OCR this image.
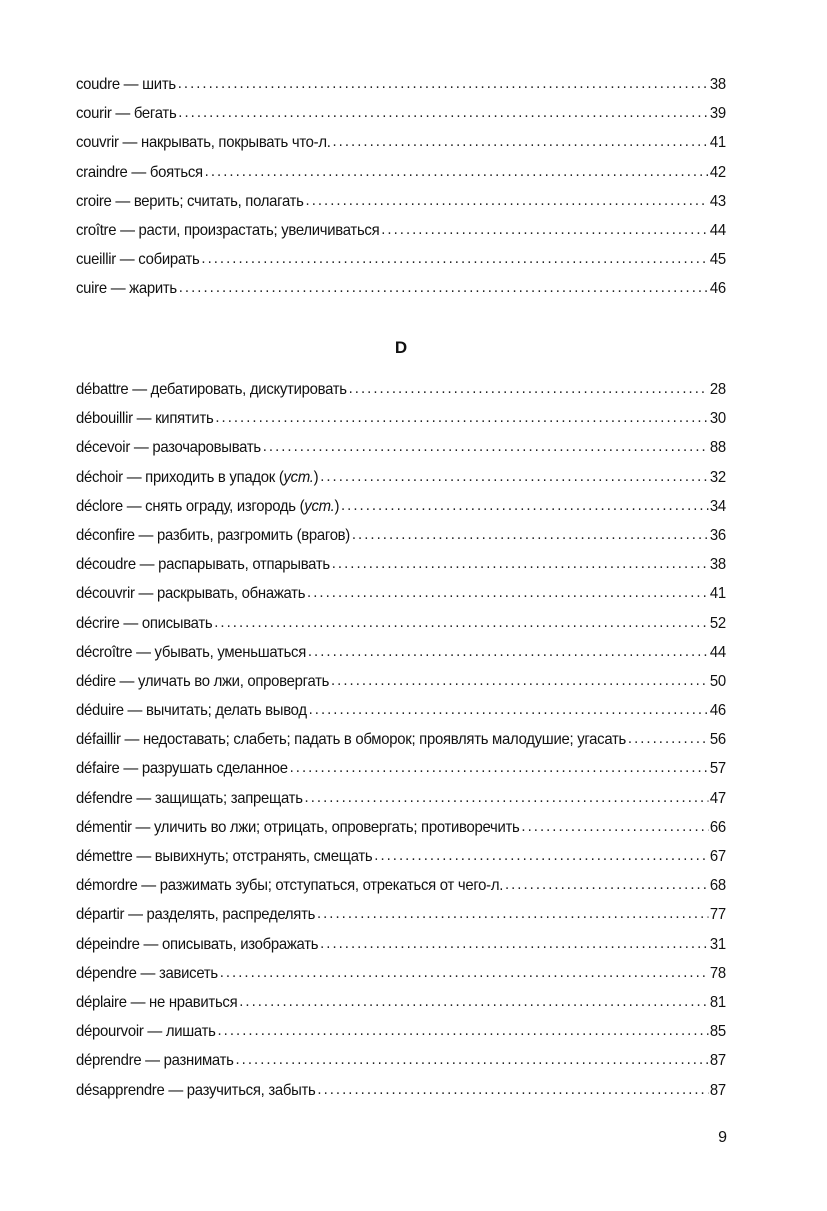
coudre — шить .....	38
courir — бегать .....	39
couvrir — накрывать, покрывать что-л. .....	41
craindre — бояться .....	42
croire — верить; считать, полагать .....	43
croître — расти, произрастать; увеличиваться .....	44
cueillir — собирать .....	45
cuire — жарить .....	46
D
débattre — дебатировать, дискутировать .....	28
débouillir — кипятить .....	30
décevoir — разочаровывать .....	88
déchoir — приходить в упадок (уст.) .....	32
déclore — снять ограду, изгородь (уст.) .....	34
déconfire — разбить, разгромить (врагов) .....	36
découdre — распарывать, отпарывать .....	38
découvrir — раскрывать, обнажать .....	41
décrire — описывать .....	52
décroître — убывать, уменьшаться .....	44
dédire — уличать во лжи, опровергать .....	50
déduire — вычитать; делать вывод .....	46
défaillir — недоставать; слабеть; падать в обморок; проявлять малодушие; угасать .....	56
défaire — разрушать сделанное .....	57
défendre — защищать; запрещать .....	47
démentir — уличить во лжи; отрицать, опровергать; противоречить .....	66
démettre — вывихнуть; отстранять, смещать .....	67
démordre — разжимать зубы; отступаться, отрекаться от чего-л. .....	68
départir — разделять, распределять .....	77
dépeindre — описывать, изображать .....	31
dépendre — зависеть .....	78
déplaire — не нравиться .....	81
dépourvoir — лишать .....	85
déprendre — разнимать .....	87
désapprendre — разучиться, забыть .....	87
9
